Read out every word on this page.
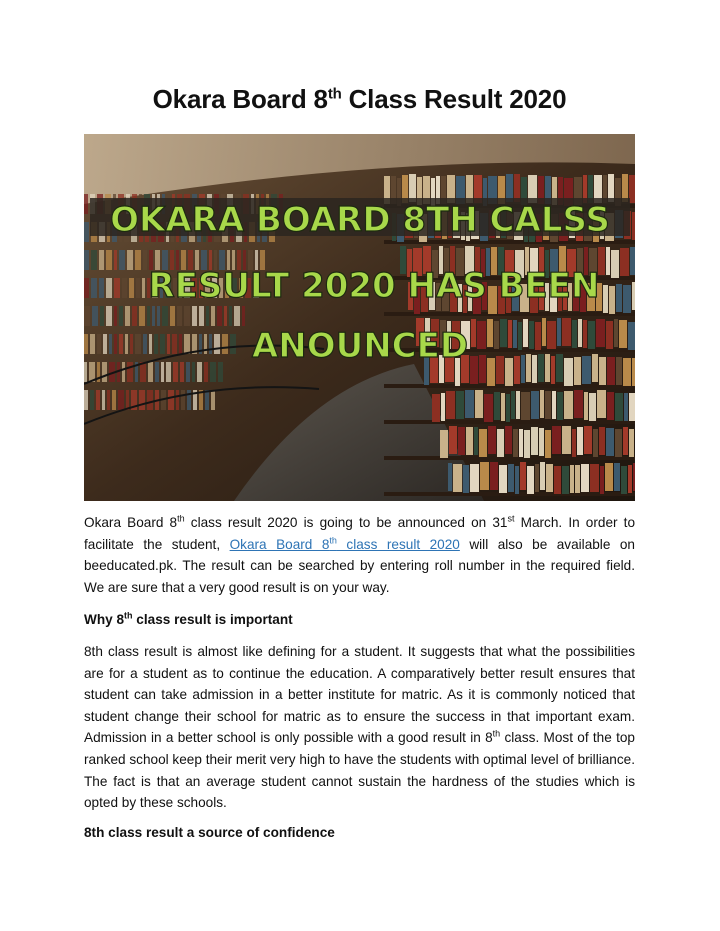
Okara Board 8th Class Result 2020
OKARA BOARD 8TH CALSS
RESULT 2020 HAS BEEN
ANOUNCED

Okara Board 8th class result 2020 is going to be announced on 31st March. In order to facilitate the student, Okara Board 8th class result 2020 will also be available on beeducated.pk. The result can be searched by entering roll number in the required field. We are sure that a very good result is on your way.

Why 8th class result is important

8th class result is almost like defining for a student. It suggests that what the possibilities are for a student as to continue the education. A comparatively better result ensures that student can take admission in a better institute for matric. As it is commonly noticed that student change their school for matric as to ensure the success in that important exam. Admission in a better school is only possible with a good result in 8th class. Most of the top ranked school keep their merit very high to have the students with optimal level of brilliance. The fact is that an average student cannot sustain the hardness of the studies which is opted by these schools.

8th class result a source of confidence
